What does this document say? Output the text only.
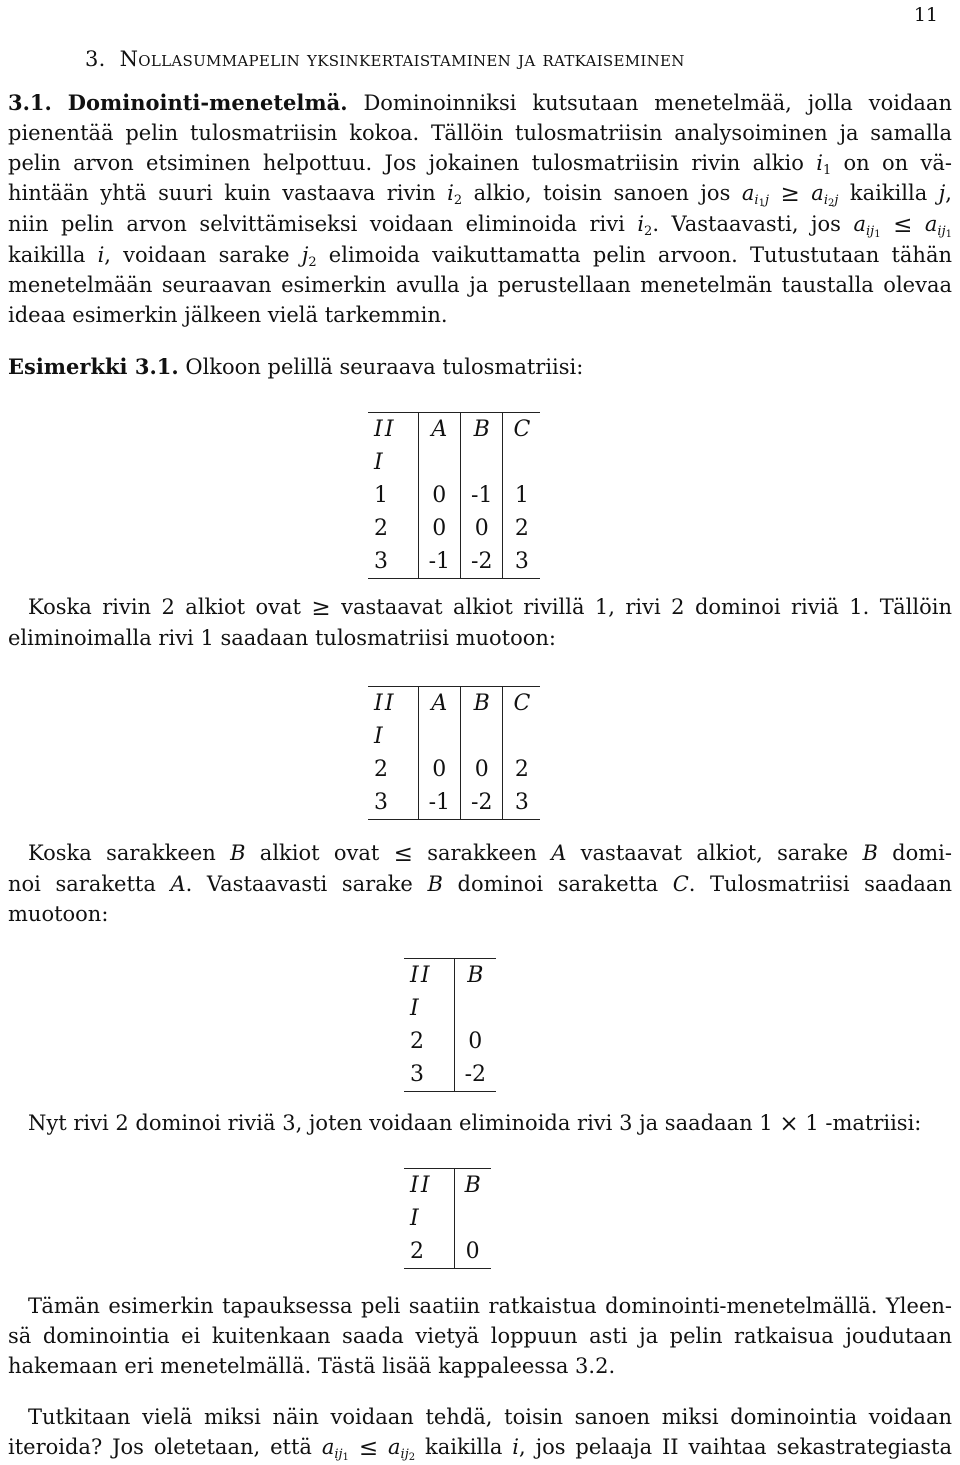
11
3. Nollasummapelin yksinkertaistaminen ja ratkaiseminen
3.1. Dominointi-menetelmä. Dominoinniksi kutsutaan menetelmää, jolla voidaan
pienentää pelin tulosmatriisin kokoa. Tällöin tulosmatriisin analysoiminen ja samalla
pelin arvon etsiminen helpottuu. Jos jokainen tulosmatriisin rivin alkio $i_1$ on on vä-
hintään yhtä suuri kuin vastaava rivin $i_2$ alkio, toisin sanoen jos $a_{i_1j} \ge a_{i_2j}$ kaikilla j,
niin pelin arvon selvittämiseksi voidaan eliminoida rivi $i_2$. Vastaavasti, jos $a_{ij_1} \le a_{ij_1}$
kaikilla i, voidaan sarake $j_2$ elimoida vaikuttamatta pelin arvoon. Tutustutaan tähän
menetelmään seuraavan esimerkin avulla ja perustellaan menetelmän taustalla olevaa
ideaa esimerkin jälkeen vielä tarkemmin.
Esimerkki 3.1. Olkoon pelillä seuraava tulosmatriisi:
I I	A	B	C
I			
1	0	-1	1
2	0	0	2
3	-1	-2	3
Koska rivin 2 alkiot ovat ≥ vastaavat alkiot rivillä 1, rivi 2 dominoi riviä 1. Tällöin
eliminoimalla rivi 1 saadaan tulosmatriisi muotoon:
I I	A	B	C
I			
2	0	0	2
3	-1	-2	3
Koska sarakkeen B alkiot ovat ≤ sarakkeen A vastaavat alkiot, sarake B domi-
noi saraketta A. Vastaavasti sarake B dominoi saraketta C. Tulosmatriisi saadaan
muotoon:
I I	B
I	
2	0
3	-2
Nyt rivi 2 dominoi riviä 3, joten voidaan eliminoida rivi 3 ja saadaan 1 × 1 -matriisi:
I I	B
I	
2	0
Tämän esimerkin tapauksessa peli saatiin ratkaistua dominointi-menetelmällä. Yleen-
sä dominointia ei kuitenkaan saada vietyä loppuun asti ja pelin ratkaisua joudutaan
hakemaan eri menetelmällä. Tästä lisää kappaleessa 3.2.
Tutkitaan vielä miksi näin voidaan tehdä, toisin sanoen miksi dominointia voidaan
iteroida? Jos oletetaan, että $a_{ij_1} \le a_{ij_2}$ kaikilla i, jos pelaaja II vaihtaa sekastrategiasta
